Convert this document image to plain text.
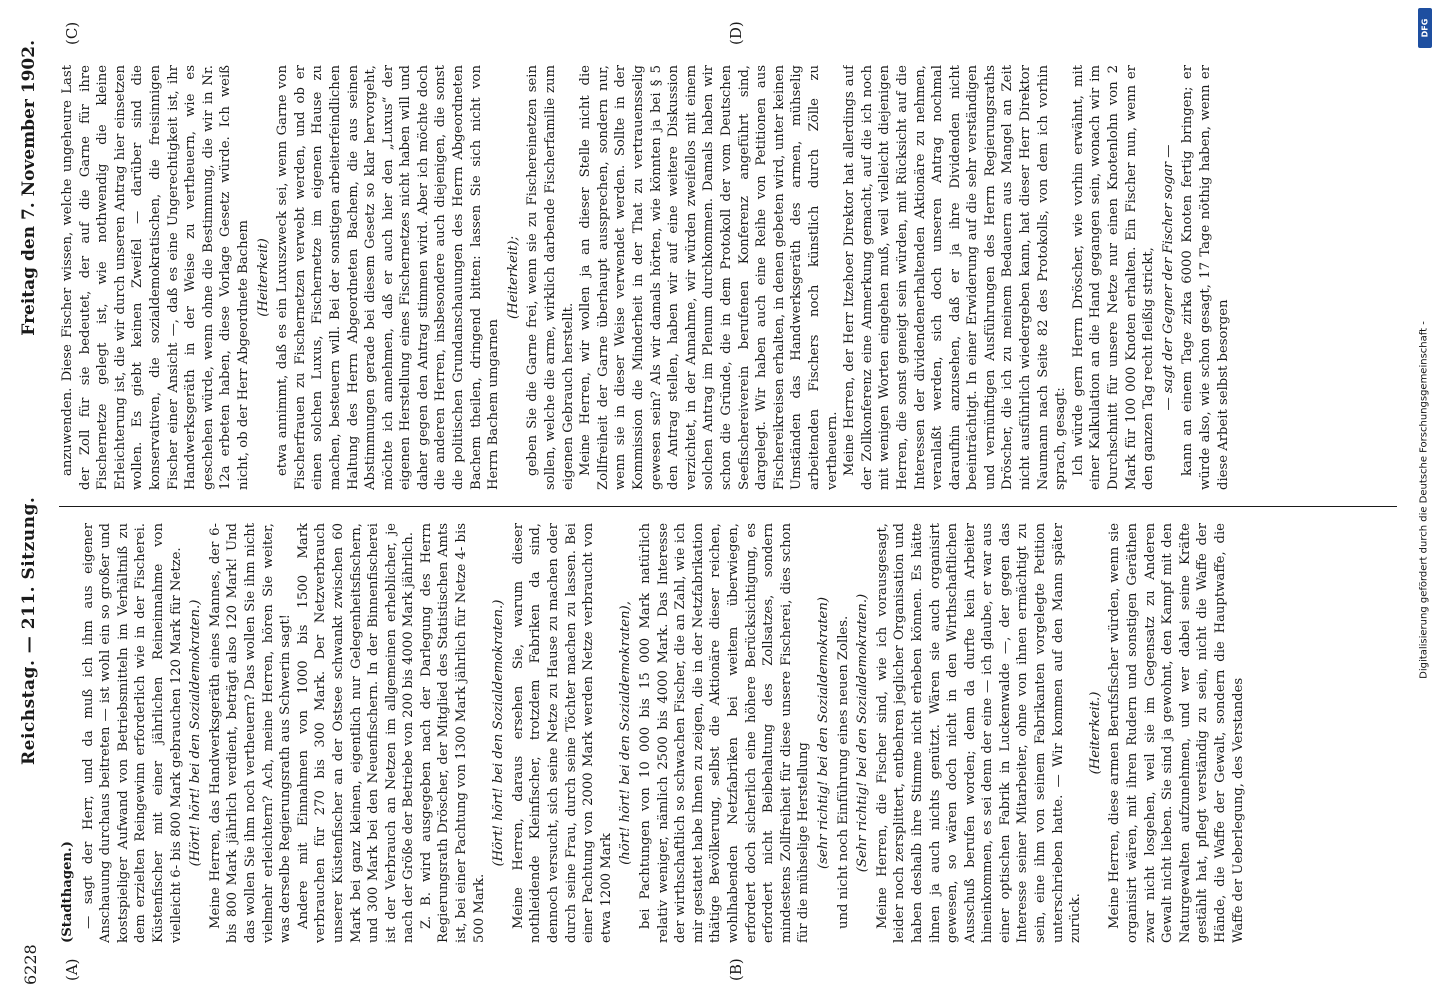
6228
Reichstag. — 211. Sitzung.
Freitag den 7. November 1902.
(A)	(B)
(C)	(D)

(Stadthagen.) — sagt der Herr, und da muß ich ihm aus eigener Anschauung durchaus beitreten — ist wohl ein so großer und kostspieliger Aufwand von Betriebsmitteln im Verhältniß zu dem erzielten Reingewinn erforderlich wie in der Fischerei. Küstenfischer mit einer jährlichen Reineinnahme von vielleicht 6- bis 800 Mark gebrauchen 120 Mark für Netze. (Hört! hört! bei den Sozialdemokraten.) Meine Herren, das Handwerksgeräth eines Mannes, der 6- bis 800 Mark jährlich verdient, beträgt also 120 Mark! Und das wollen Sie ihm noch vertheuern? Das wollen Sie ihm nicht vielmehr erleichtern? Ach, meine Herren, hören Sie weiter, was derselbe Regierungsrath aus Schwerin sagt! Andere mit Einnahmen von 1000 bis 1500 Mark verbrauchen für 270 bis 300 Mark. Der Netzverbrauch unserer Küstenfischer an der Ostsee schwankt zwischen 60 Mark bei ganz kleinen, eigentlich nur Gelegenheitsfischern, und 300 Mark bei den Neuenfischern. In der Binnenfischerei ist der Verbrauch an Netzen im allgemeinen erheblicher, je nach der Größe der Betriebe von 200 bis 4000 Mark jährlich. Z. B. wird ausgegeben nach der Darlegung des Herrn Regierungsrath Dröscher, der Mitglied des Statistischen Amts ist, bei einer Pachtung von 1300 Mark jährlich für Netze 4- bis 500 Mark.

(Hört! hört! bei den Sozialdemokraten.) Meine Herren, daraus ersehen Sie, warum dieser nothleidende Kleinfischer, trotzdem Fabriken da sind, dennoch versucht, sich seine Netze zu Hause zu machen oder durch seine Frau, durch seine Töchter machen zu lassen. Bei einer Pachtung von 2000 Mark werden Netze verbraucht von etwa 1200 Mark

(hört! hört! bei den Sozialdemokraten), bei Pachtungen von 10 000 bis 15 000 Mark natürlich relativ weniger, nämlich 2500 bis 4000 Mark. Das Interesse der wirthschaftlich so schwachen Fischer, die an Zahl, wie ich mir gestattet habe Ihnen zu zeigen, die in der Netzfabrikation thätige Bevölkerung, selbst die Aktionäre dieser reichen, wohlhabenden Netzfabriken bei weitem überwiegen, erfordert doch sicherlich eine höhere Berücksichtigung, es erfordert nicht Beibehaltung des Zollsatzes, sondern mindestens Zollfreiheit für diese unsere Fischerei, dies schon für die mühselige Herstellung (sehr richtig! bei den Sozialdemokraten) und nicht noch Einführung eines neuen Zolles. (Sehr richtig! bei den Sozialdemokraten.) Meine Herren, die Fischer sind, wie ich vorausgesagt, leider noch zersplittert, entbehren jeglicher Organisation und haben deshalb ihre Stimme nicht erheben können. Es hätte ihnen ja auch nichts genützt. Wären sie auch organisirt gewesen, so wären doch nicht in den Wirthschaftlichen Ausschuß berufen worden; denn da durfte kein Arbeiter hineinkommen, es sei denn der eine — ich glaube, er war aus einer optischen Fabrik in Luckenwalde —, der gegen das Interesse seiner Mitarbeiter, ohne von ihnen ermächtigt zu sein, eine ihm von seinem Fabrikanten vorgelegte Petition unterschrieben hatte. — Wir kommen auf den Mann später zurück.

(Heiterkeit.) Meine Herren, diese armen Berufsfischer würden, wenn sie organisirt wären, mit ihren Rudern und sonstigen Geräthen zwar nicht losgehen, weil sie im Gegensatz zu Anderen Gewalt nicht lieben. Sie sind ja gewohnt, den Kampf mit den Naturgewalten aufzunehmen, und wer dabei seine Kräfte gestählt hat, pflegt verständig zu sein, nicht die Waffe der Hände, die Waffe der Gewalt, sondern die Hauptwaffe, die Waffe der Ueberlegung, des Verstandes

anzuwenden. Diese Fischer wissen, welche ungeheure Last der Zoll für sie bedeutet, der auf die Garne für ihre Fischernetze gelegt ist, wie nothwendig die kleine Erleichterung ist, die wir durch unseren Antrag hier einsetzen wollen. Es giebt keinen Zweifel — darüber sind die konservativen, die sozialdemokratischen, die freisinnigen Fischer einer Ansicht —, daß es eine Ungerechtigkeit ist, ihr Handwerksgeräth in der Weise zu vertheuern, wie es geschehen würde, wenn ohne die Bestimmung, die wir in Nr. 12a erbeten haben, diese Vorlage Gesetz würde. Ich weiß nicht, ob der Herr Abgeordnete Bachem (Heiterkeit) etwa annimmt, daß es ein Luxuszweck sei, wenn Garne von Fischerfrauen zu Fischernetzen verwebt werden, und ob er einen solchen Luxus, Fischernetze im eigenen Hause zu machen, besteuern will. Bei der sonstigen arbeiterfeindlichen Haltung des Herrn Abgeordneten Bachem, die aus seinen Abstimmungen gerade bei diesem Gesetz so klar hervorgeht, möchte ich annehmen, daß er auch hier den „Luxus“ der eigenen Herstellung eines Fischernetzes nicht haben will und daher gegen den Antrag stimmen wird. Aber ich möchte doch die anderen Herren, insbesondere auch diejenigen, die sonst die politischen Grundanschauungen des Herrn Abgeordneten Bachem theilen, dringend bitten: lassen Sie sich nicht von Herrn Bachem umgarnen

(Heiterkeit); geben Sie die Garne frei, wenn sie zu Fischereinetzen sein sollen, welche die arme, wirklich darbende Fischerfamilie zum eigenen Gebrauch herstellt. Meine Herren, wir wollen ja an dieser Stelle nicht die Zollfreiheit der Garne überhaupt aussprechen, sondern nur, wenn sie in dieser Weise verwendet werden. Sollte in der Kommission die Minderheit in der That zu vertrauensselig gewesen sein? Als wir damals hörten, wie könnten ja bei § 5 den Antrag stellen, haben wir auf eine weitere Diskussion verzichtet, in der Annahme, wir würden zweifellos mit einem solchen Antrag im Plenum durchkommen. Damals haben wir schon die Gründe, die in dem Protokoll der vom Deutschen Seefischereiverein berufenen Konferenz angeführt sind, dargelegt. Wir haben auch eine Reihe von Petitionen aus Fischereikreisen erhalten, in denen gebeten wird, unter keinen Umständen das Handwerksgeräth des armen, mühselig arbeitenden Fischers noch künstlich durch Zölle zu vertheuern. Meine Herren, der Herr Itzehoer Direktor hat allerdings auf der Zollkonferenz eine Anmerkung gemacht, auf die ich noch mit wenigen Worten eingehen muß, weil vielleicht diejenigen Herren, die sonst geneigt sein würden, mit Rücksicht auf die Interessen der dividendenerhaltenden Aktionäre zu nehmen, veranlaßt werden, sich doch unseren Antrag nochmal daraufhin anzusehen, daß er ja ihre Dividenden nicht beeinträchtigt. In einer Erwiderung auf die sehr verständigen und vernünftigen Ausführungen des Herrn Regierungsraths Dröscher, die ich zu meinem Bedauern aus Mangel an Zeit nicht ausführlich wiedergeben kann, hat dieser Herr Direktor Naumann nach Seite 82 des Protokolls, von dem ich vorhin sprach, gesagt: Ich würde gern Herrn Dröscher, wie vorhin erwähnt, mit einer Kalkulation an die Hand gegangen sein, wonach wir im Durchschnitt für unsere Netze nur einen Knotenlohn von 2 Mark für 100 000 Knoten erhalten. Ein Fischer nun, wenn er den ganzen Tag recht fleißig strickt, — sagt der Gegner der Fischer sogar — kann an einem Tage zirka 6000 Knoten fertig bringen; er würde also, wie schon gesagt, 17 Tage nöthig haben, wenn er diese Arbeit selbst besorgen

DFG
Digitalisierung gefördert durch die Deutsche Forschungsgemeinschaft -
